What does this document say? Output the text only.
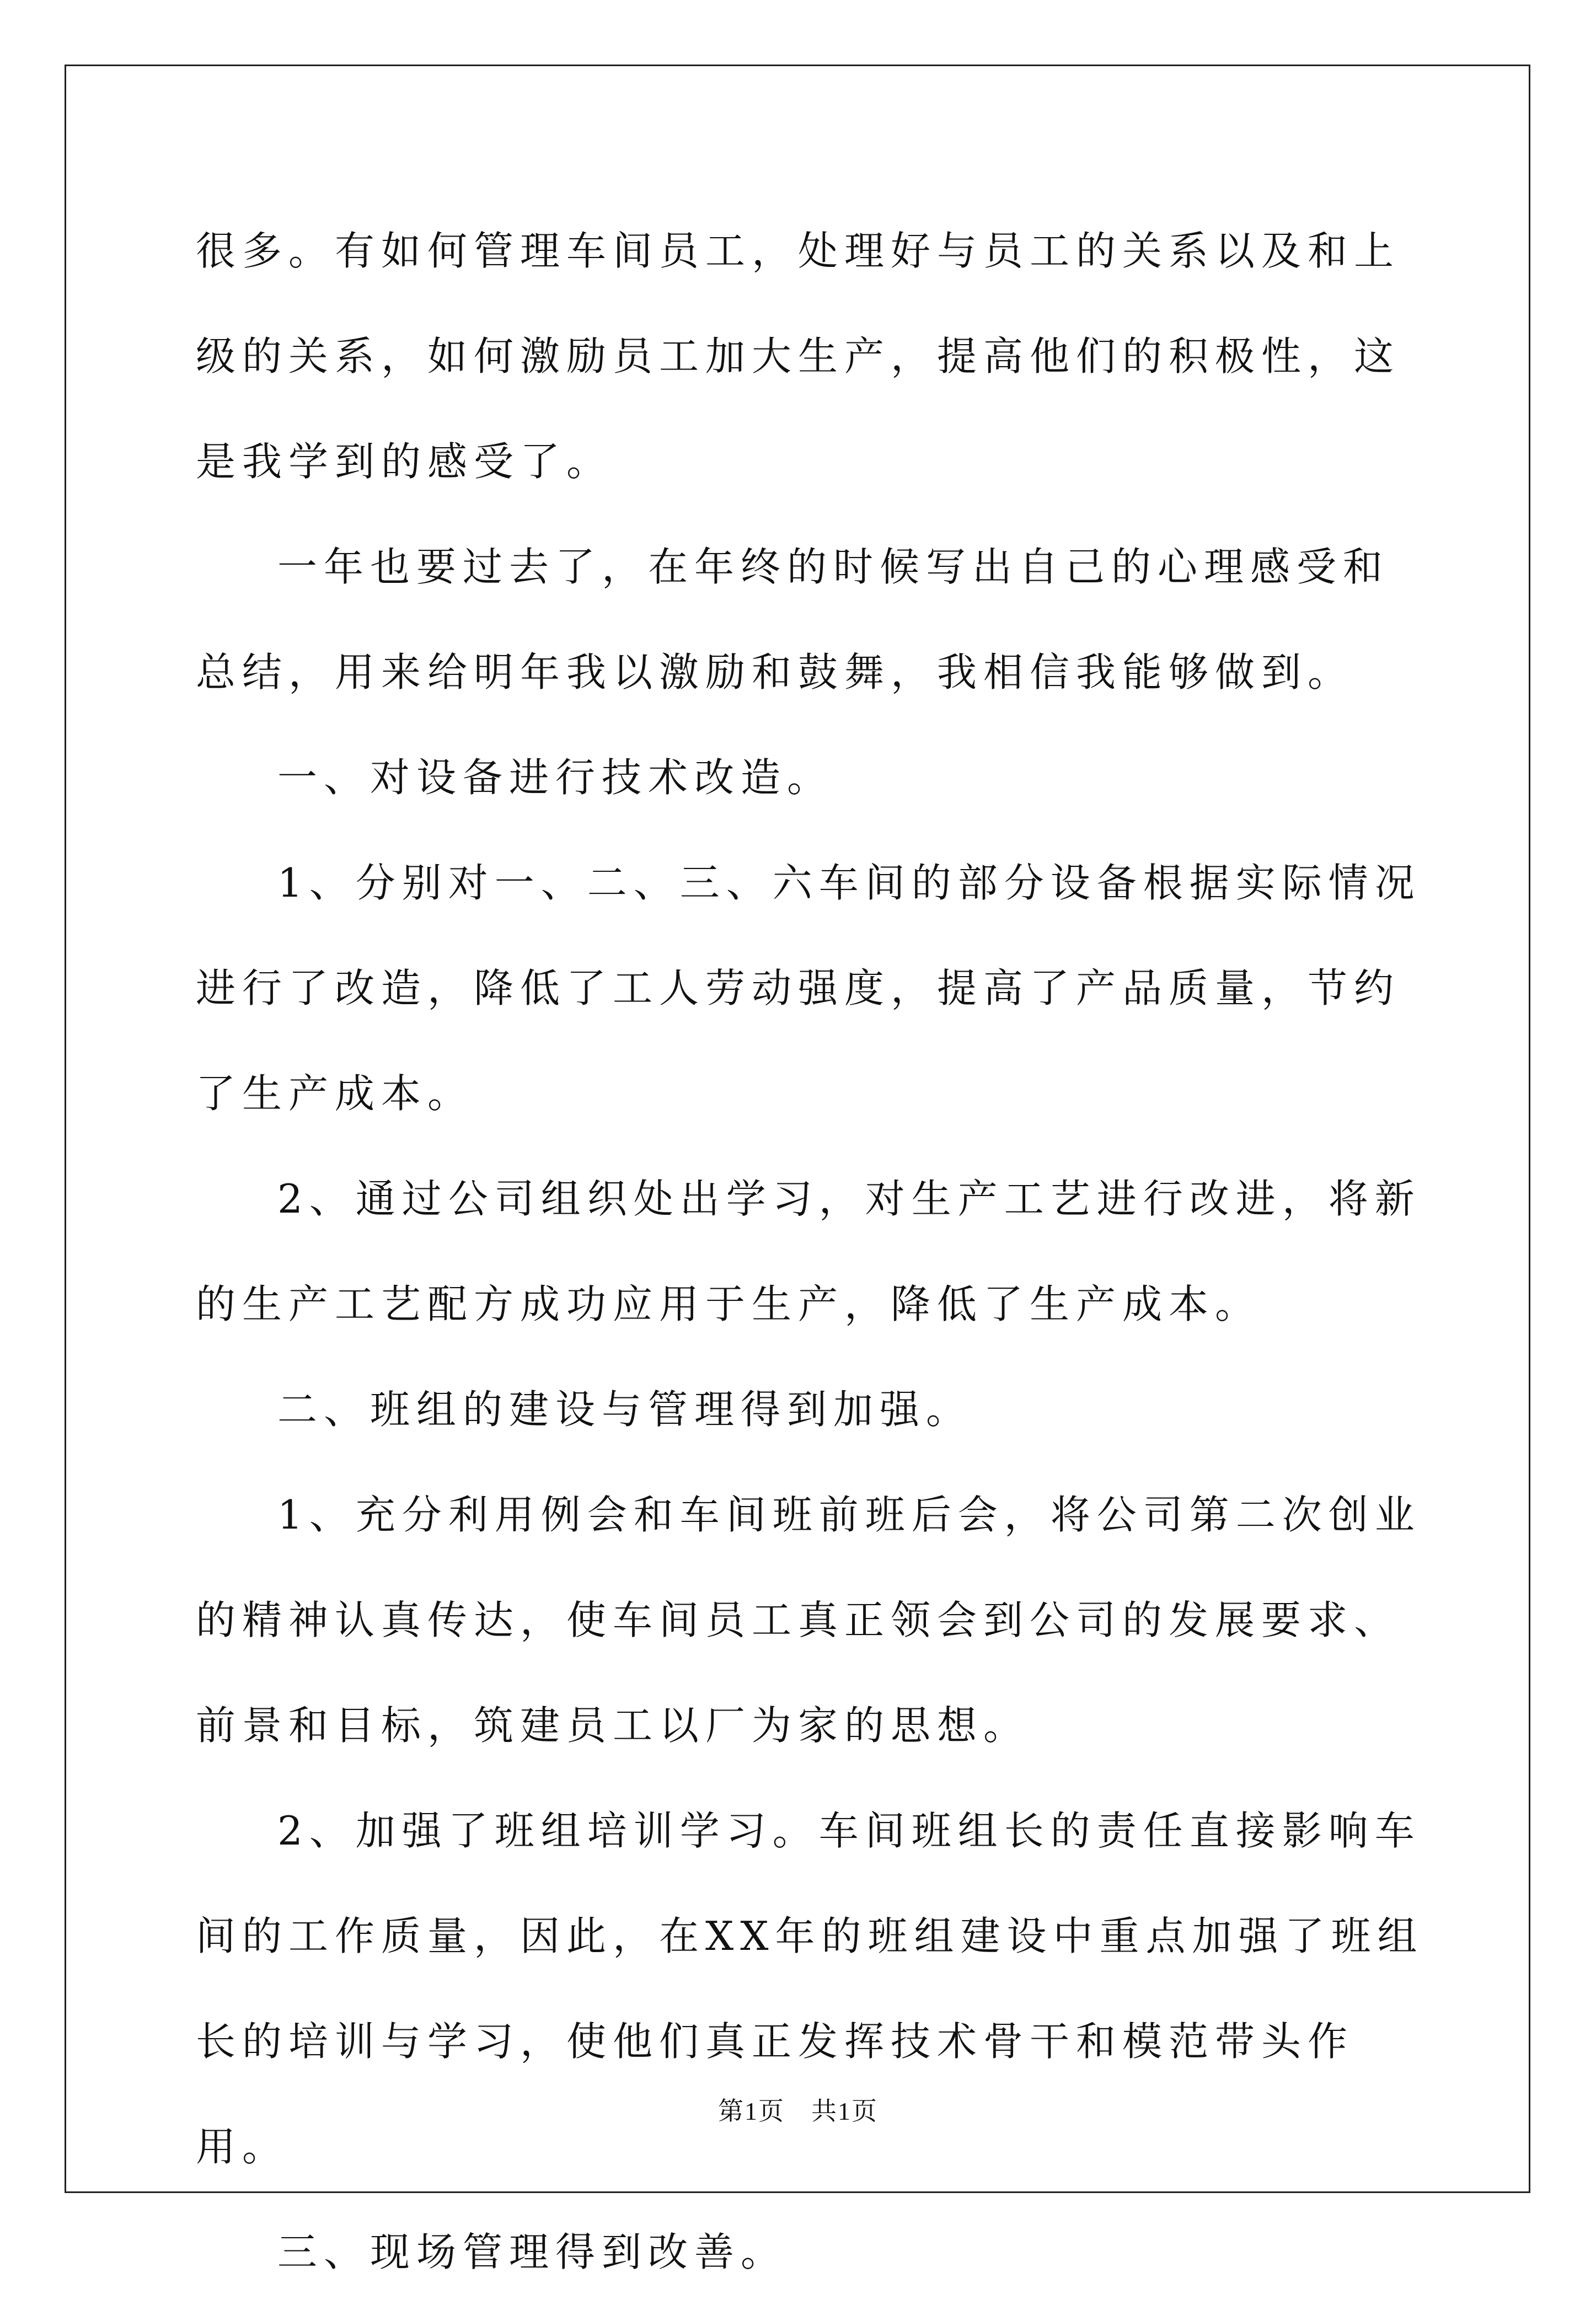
很多。有如何管理车间员工，处理好与员工的关系以及和上级的关系，如何激励员工加大生产，提高他们的积极性，这是我学到的感受了。

一年也要过去了，在年终的时候写出自己的心理感受和总结，用来给明年我以激励和鼓舞，我相信我能够做到。

一、对设备进行技术改造。

1、分别对一、二、三、六车间的部分设备根据实际情况进行了改造，降低了工人劳动强度，提高了产品质量，节约了生产成本。

2、通过公司组织处出学习，对生产工艺进行改进，将新的生产工艺配方成功应用于生产，降低了生产成本。

二、班组的建设与管理得到加强。

1、充分利用例会和车间班前班后会，将公司第二次创业的精神认真传达，使车间员工真正领会到公司的发展要求、前景和目标，筑建员工以厂为家的思想。

2、加强了班组培训学习。车间班组长的责任直接影响车间的工作质量，因此，在XX年的班组建设中重点加强了班组长的培训与学习，使他们真正发挥技术骨干和模范带头作用。

三、现场管理得到改善。

第1页　共1页
